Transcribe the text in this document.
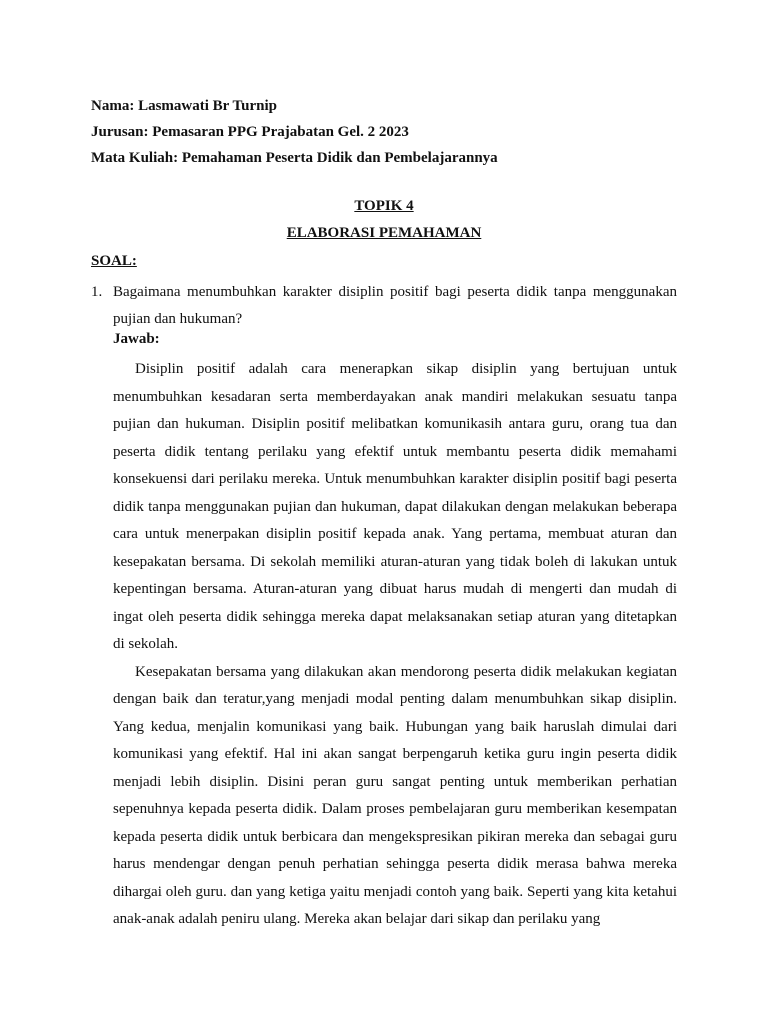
Nama: Lasmawati Br Turnip
Jurusan: Pemasaran PPG Prajabatan Gel. 2 2023
Mata Kuliah: Pemahaman Peserta Didik dan Pembelajarannya
TOPIK 4
ELABORASI PEMAHAMAN
SOAL:
1. Bagaimana menumbuhkan karakter disiplin positif bagi peserta didik tanpa menggunakan pujian dan hukuman?
Jawab:

Disiplin positif adalah cara menerapkan sikap disiplin yang bertujuan untuk menumbuhkan kesadaran serta memberdayakan anak mandiri melakukan sesuatu tanpa pujian dan hukuman. Disiplin positif melibatkan komunikasih antara guru, orang tua dan peserta didik tentang perilaku yang efektif untuk membantu peserta didik memahami konsekuensi dari perilaku mereka. Untuk menumbuhkan karakter disiplin positif bagi peserta didik tanpa menggunakan pujian dan hukuman, dapat dilakukan dengan melakukan beberapa cara untuk menerpakan disiplin positif kepada anak. Yang pertama, membuat aturan dan kesepakatan bersama. Di sekolah memiliki aturan-aturan yang tidak boleh di lakukan untuk kepentingan bersama. Aturan-aturan yang dibuat harus mudah di mengerti dan mudah di ingat oleh peserta didik sehingga mereka dapat melaksanakan setiap aturan yang ditetapkan di sekolah.

Kesepakatan bersama yang dilakukan akan mendorong peserta didik melakukan kegiatan dengan baik dan teratur,yang menjadi modal penting dalam menumbuhkan sikap disiplin. Yang kedua, menjalin komunikasi yang baik. Hubungan yang baik haruslah dimulai dari komunikasi yang efektif. Hal ini akan sangat berpengaruh ketika guru ingin peserta didik menjadi lebih disiplin. Disini peran guru sangat penting untuk memberikan perhatian sepenuhnya kepada peserta didik. Dalam proses pembelajaran guru memberikan kesempatan kepada peserta didik untuk berbicara dan mengekspresikan pikiran mereka dan sebagai guru harus mendengar dengan penuh perhatian sehingga peserta didik merasa bahwa mereka dihargai oleh guru. dan yang ketiga yaitu menjadi contoh yang baik. Seperti yang kita ketahui anak-anak adalah peniru ulang. Mereka akan belajar dari sikap dan perilaku yang
